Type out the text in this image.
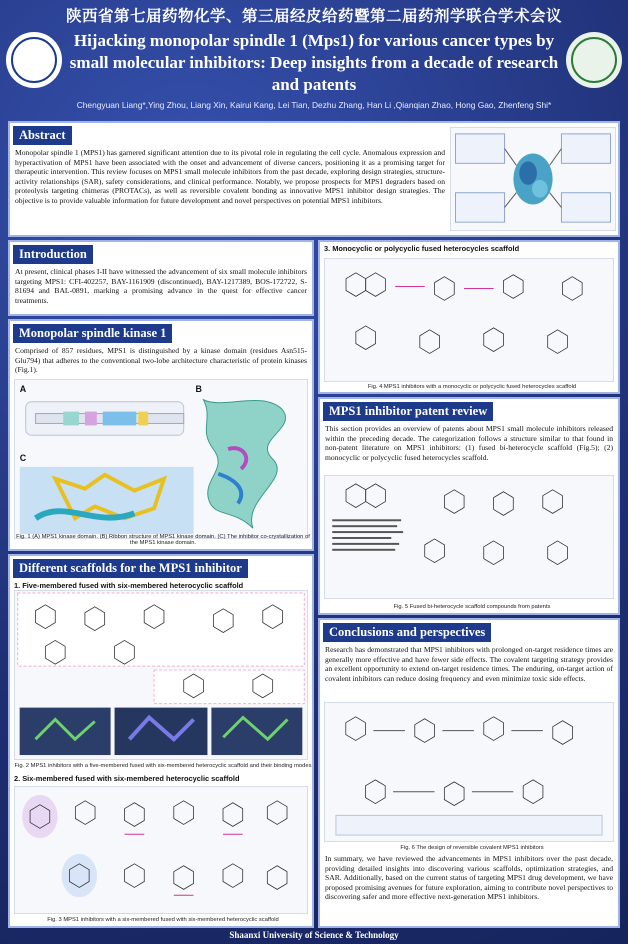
陕西省第七届药物化学、第三届经皮给药暨第二届药剂学联合学术会议
Hijacking monopolar spindle 1 (Mps1) for various cancer types by small molecular inhibitors: Deep insights from a decade of research and patents
Chengyuan Liang*,Ying Zhou, Liang Xin, Kairui Kang, Lei Tian, Dezhu Zhang, Han Li ,Qianqian Zhao, Hong Gao, Zhenfeng Shi*
Abstract
Monopolar spindle 1 (MPS1) has garnered significant attention due to its pivotal role in regulating the cell cycle. Anomalous expression and hyperactivation of MPS1 have been associated with the onset and advancement of diverse cancers, positioning it as a promising target for therapeutic intervention. This review focuses on MPS1 small molecule inhibitors from the past decade, exploring design strategies, structure-activity relationships (SAR), safety considerations, and clinical performance. Notably, we propose prospects for MPS1 degraders based on proteolysis targeting chimeras (PROTACs), as well as reversible covalent bonding as innovative MPS1 inhibitor design strategies. The objective is to provide valuable information for future development and novel perspectives on potential MPS1 inhibitors.
Introduction
At present, clinical phases I-II have witnessed the advancement of six small molecule inhibitors targeting MPS1: CFI-402257, BAY-1161909 (discontinued), BAY-1217389, BOS-172722, S-81694 and BAL-0891, marking a promising advance in the quest for effective cancer treatments.
Monopolar spindle kinase 1
Comprised of 857 residues, MPS1 is distinguished by a kinase domain (residues Asn515-Glu794) that adheres to the conventional two-lobe architecture characteristic of protein kinases (Fig.1).
A	B
C
Fig. 1 (A) MPS1 kinase domain. (B) Ribbon structure of MPS1 kinase domain. (C) The inhibitor co-crystallization of the MPS1 kinase domain.
Different scaffolds for the MPS1 inhibitor
1. Five-membered fused with six-membered heterocyclic scaffold
Fig. 2 MPS1 inhibitors with a five-membered fused with six-membered heterocyclic scaffold and their binding modes
2. Six-membered fused with six-membered heterocyclic scaffold
Fig. 3 MPS1 inhibitors with a six-membered fused with six-membered heterocyclic scaffold
3. Monocyclic or polycyclic fused heterocycles scaffold
Fig. 4 MPS1 inhibitors with a monocyclic or polycyclic fused heterocycles scaffold
MPS1 inhibitor patent review
This section provides an overview of patents about MPS1 small molecule inhibitors released within the preceding decade. The categorization follows a structure similar to that found in non-patent literature on MPS1 inhibitors: (1) fused bi-heterocycle scaffold (Fig.5); (2) monocyclic or polycyclic fused heterocycles scaffold.
Fig. 5 Fused bi-heterocycle scaffold compounds from patents
Conclusions and perspectives
Research has demonstrated that MPS1 inhibitors with prolonged on-target residence times are generally more effective and have fewer side effects. The covalent targeting strategy provides an excellent opportunity to extend on-target residence times. The enduring, on-target action of covalent inhibitors can reduce dosing frequency and even minimize toxic side effects.
Fig. 6 The design of reversible covalent MPS1 inhibitors
In summary, we have reviewed the advancements in MPS1 inhibitors over the past decade, providing detailed insights into discovering various scaffolds, optimization strategies, and SAR. Additionally, based on the current status of targeting MPS1 drug development, we have proposed promising avenues for future exploration, aiming to contribute novel perspectives to discovering safer and more effective next-generation MPS1 inhibitors.
Shaanxi University of Science & Technology
